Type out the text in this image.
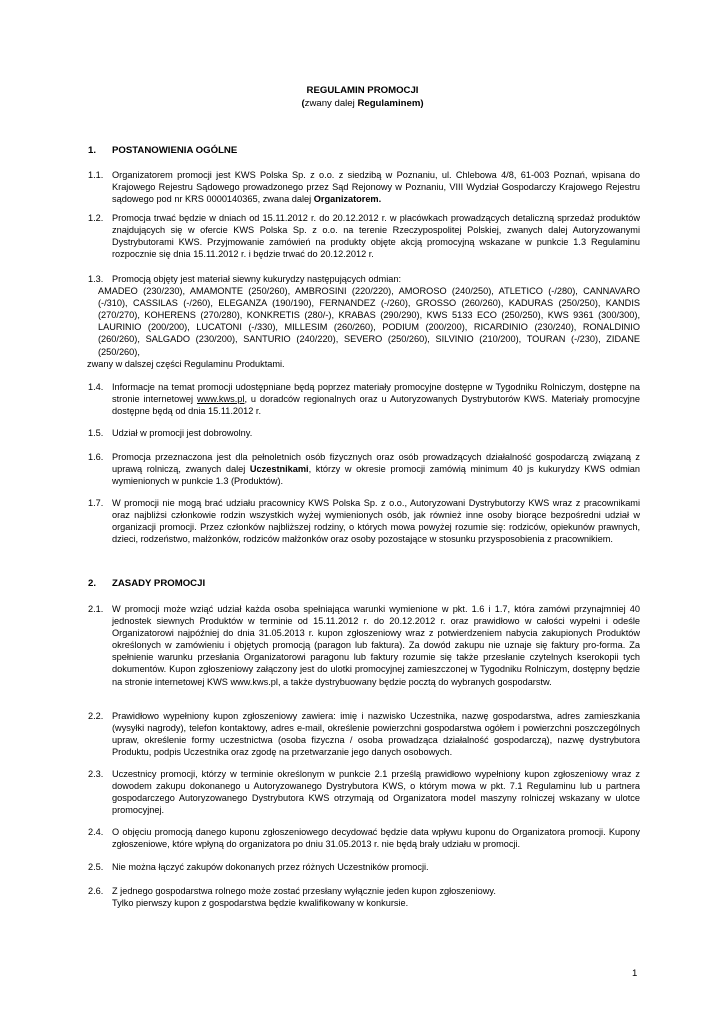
REGULAMIN PROMOCJI
(zwany dalej Regulaminem)
1. POSTANOWIENIA OGÓLNE
1.1. Organizatorem promocji jest KWS Polska Sp. z o.o. z siedzibą w Poznaniu, ul. Chlebowa 4/8, 61-003 Poznań, wpisana do Krajowego Rejestru Sądowego prowadzonego przez Sąd Rejonowy w Poznaniu, VIII Wydział Gospodarczy Krajowego Rejestru sądowego pod nr KRS 0000140365, zwana dalej Organizatorem.

1.2. Promocja trwać będzie w dniach od 15.11.2012 r. do 20.12.2012 r. w placówkach prowadzących detaliczną sprzedaż produktów znajdujących się w ofercie KWS Polska Sp. z o.o. na terenie Rzeczypospolitej Polskiej, zwanych dalej Autoryzowanymi Dystrybutorami KWS. Przyjmowanie zamówień na produkty objęte akcją promocyjną wskazane w punkcie 1.3 Regulaminu rozpocznie się dnia 15.11.2012 r. i będzie trwać do 20.12.2012 r.

1.3. Promocją objęty jest materiał siewny kukurydzy następujących odmian:

AMADEO (230/230), AMAMONTE (250/260), AMBROSINI (220/220), AMOROSO (240/250), ATLETICO (-/280), CANNAVARO (-/310), CASSILAS (-/260), ELEGANZA (190/190), FERNANDEZ (-/260), GROSSO (260/260), KADURAS (250/250), KANDIS (270/270), KOHERENS (270/280), KONKRETIS (280/-), KRABAS (290/290), KWS 5133 ECO (250/250), KWS 9361 (300/300), LAURINIO (200/200), LUCATONI (-/330), MILLESIM (260/260), PODIUM (200/200), RICARDINIO (230/240), RONALDINIO (260/260), SALGADO (230/200), SANTURIO (240/220), SEVERO (250/260), SILVINIO (210/200), TOURAN (-/230), ZIDANE (250/260),

zwany w dalszej części Regulaminu Produktami.

1.4. Informacje na temat promocji udostępniane będą poprzez materiały promocyjne dostępne w Tygodniku Rolniczym, dostępne na stronie internetowej www.kws.pl, u doradców regionalnych oraz u Autoryzowanych Dystrybutorów KWS. Materiały promocyjne dostępne będą od dnia 15.11.2012 r.

1.5. Udział w promocji jest dobrowolny.

1.6. Promocja przeznaczona jest dla pełnoletnich osób fizycznych oraz osób prowadzących działalność gospodarczą związaną z uprawą rolniczą, zwanych dalej Uczestnikami, którzy w okresie promocji zamówią minimum 40 js kukurydzy KWS odmian wymienionych w punkcie 1.3 (Produktów).

1.7. W promocji nie mogą brać udziału pracownicy KWS Polska Sp. z o.o., Autoryzowani Dystrybutorzy KWS wraz z pracownikami oraz najbliżsi członkowie rodzin wszystkich wyżej wymienionych osób, jak również inne osoby biorące bezpośredni udział w organizacji promocji. Przez członków najbliższej rodziny, o których mowa powyżej rozumie się: rodziców, opiekunów prawnych, dzieci, rodzeństwo, małżonków, rodziców małżonków oraz osoby pozostające w stosunku przysposobienia z pracownikiem.

2. ZASADY PROMOCJI
2.1. W promocji może wziąć udział każda osoba spełniająca warunki wymienione w pkt. 1.6 i 1.7, która zamówi przynajmniej 40 jednostek siewnych Produktów w terminie od 15.11.2012 r. do 20.12.2012 r. oraz prawidłowo w całości wypełni i odeśle Organizatorowi najpóźniej do dnia 31.05.2013 r. kupon zgłoszeniowy wraz z potwierdzeniem nabycia zakupionych Produktów określonych w zamówieniu i objętych promocją (paragon lub faktura). Za dowód zakupu nie uznaje się faktury pro-forma. Za spełnienie warunku przesłania Organizatorowi paragonu lub faktury rozumie się także przesłanie czytelnych kserokopii tych dokumentów. Kupon zgłoszeniowy załączony jest do ulotki promocyjnej zamieszczonej w Tygodniku Rolniczym, dostępny będzie na stronie internetowej KWS www.kws.pl, a także dystrybuowany będzie pocztą do wybranych gospodarstw.

2.2. Prawidłowo wypełniony kupon zgłoszeniowy zawiera: imię i nazwisko Uczestnika, nazwę gospodarstwa, adres zamieszkania (wysyłki nagrody), telefon kontaktowy, adres e-mail, określenie powierzchni gospodarstwa ogółem i powierzchni poszczególnych upraw, określenie formy uczestnictwa (osoba fizyczna / osoba prowadząca działalność gospodarczą), nazwę dystrybutora Produktu, podpis Uczestnika oraz zgodę na przetwarzanie jego danych osobowych.

2.3. Uczestnicy promocji, którzy w terminie określonym w punkcie 2.1 prześlą prawidłowo wypełniony kupon zgłoszeniowy wraz z dowodem zakupu dokonanego u Autoryzowanego Dystrybutora KWS, o którym mowa w pkt. 7.1 Regulaminu lub u partnera gospodarczego Autoryzowanego Dystrybutora KWS otrzymają od Organizatora model maszyny rolniczej wskazany w ulotce promocyjnej.

2.4. O objęciu promocją danego kuponu zgłoszeniowego decydować będzie data wpływu kuponu do Organizatora promocji. Kupony zgłoszeniowe, które wpłyną do organizatora po dniu 31.05.2013 r. nie będą brały udziału w promocji.

2.5. Nie można łączyć zakupów dokonanych przez różnych Uczestników promocji.

2.6. Z jednego gospodarstwa rolnego może zostać przesłany wyłącznie jeden kupon zgłoszeniowy.

Tylko pierwszy kupon z gospodarstwa będzie kwalifikowany w konkursie.

1
